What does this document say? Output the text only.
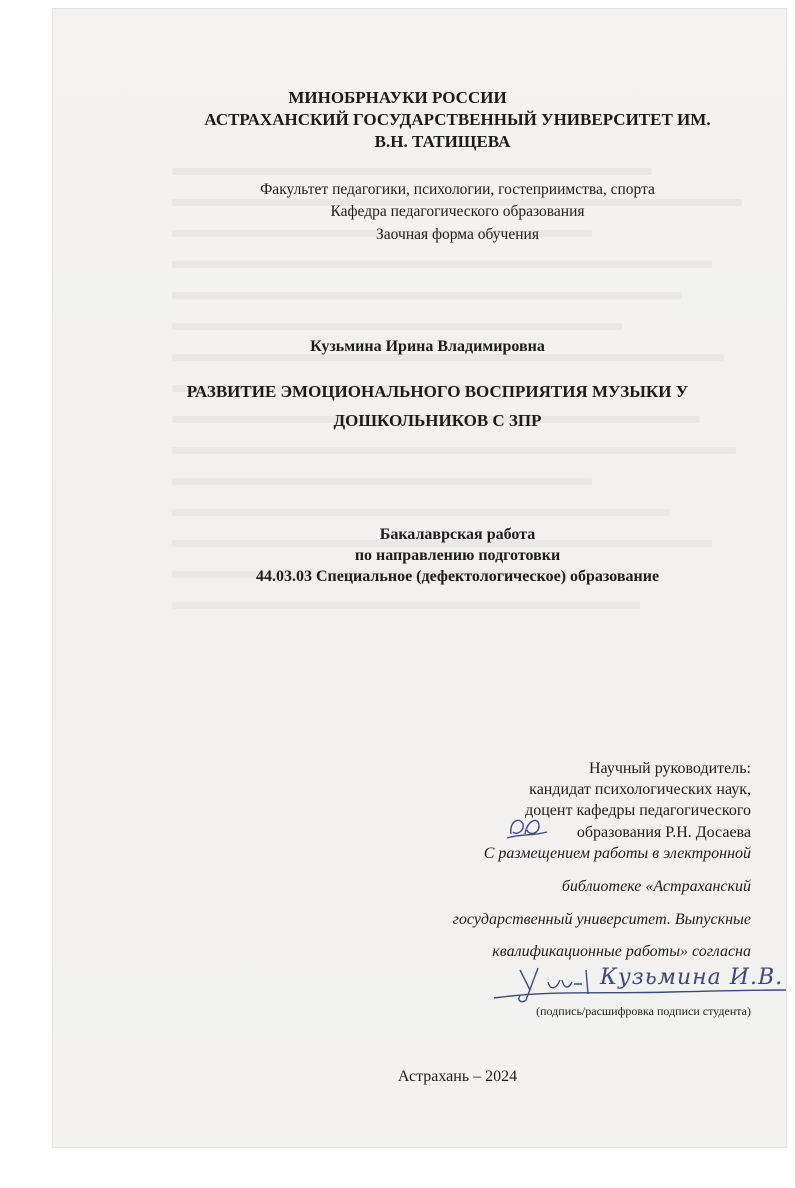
МИНОБРНАУКИ РОССИИ
АСТРАХАНСКИЙ ГОСУДАРСТВЕННЫЙ УНИВЕРСИТЕТ ИМ.
В.Н. ТАТИЩЕВА
Факультет педагогики, психологии, гостеприимства, спорта
Кафедра педагогического образования
Заочная форма обучения
Кузьмина Ирина Владимировна
РАЗВИТИЕ ЭМОЦИОНАЛЬНОГО ВОСПРИЯТИЯ МУЗЫКИ У
ДОШКОЛЬНИКОВ С ЗПР
Бакалаврская работа
по направлению подготовки
44.03.03 Специальное (дефектологическое) образование
Научный руководитель:
кандидат психологических наук,
доцент кафедры педагогического
образования Р.Н. Досаева
С размещением работы в электронной
библиотеке «Астраханский
государственный университет. Выпускные
квалификационные работы» согласна
Кузьмина И.В.
(подпись/расшифровка подписи студента)
Астрахань – 2024
